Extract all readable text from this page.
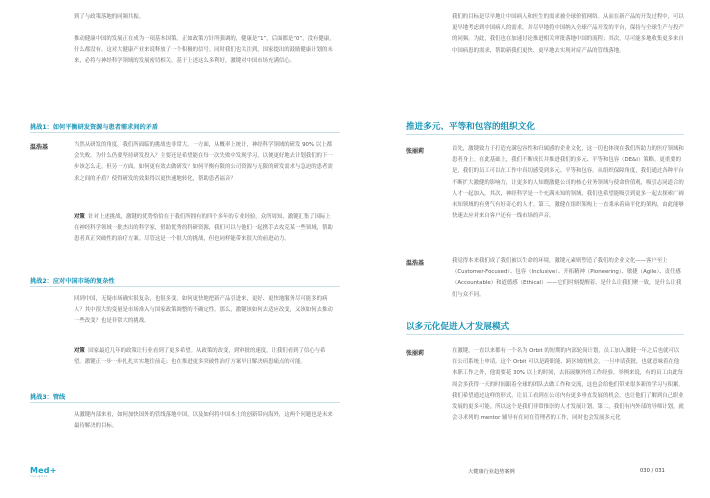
到了与政策落地的同频共振。
推动健康中国的发展正在成为一项基本国策。正如政策方针所强调的，健康是“1”，后面都是“0”，没有健康，什么都没有。这对大健康产业来说释放了一个积极的信号。同时我们也关注到，国家提出的鼓励健康计划的未来，必将与神经科学领域的发展密切相关。基于上述这么多利好，激键对中国市场充满信心。
挑战1：如何平衡研发资源与患者需求间的矛盾
温浩基	当然从研发的角度，我们所面临的挑战也非常大。一方面，从概率上统计，神经科学领域的研发 90% 以上都会失败。为什么仍要坚持研发投入？主要还是希望能在每一次失败中发现学习，以便更好地去计划我们的下一步该怎么走。但另一方面，如何更有效去做研发？如何平衡有限的公司资源与无限的研发需求与急迫的患者需求之间的矛盾？使得研发的效果得以更快速地转化，帮助患者福音？
对策 针对上述挑战，激键的优势恰恰在于我们所拥有的四个多年的专业经验。众所周知，激键汇集了国际上在神经科学领域一批杰出的科学家，借助优秀的科研资源，我们可以与他们一起携手去攻克某一些领域，帮助患者真正突破性的治疗方案。尽管这是一个很大的挑战，但也同样能带来很大的前进动力。
挑战2：应对中国市场的复杂性
回到中国，无疑市场确实很复杂，也很多变。如何更快地把新产品引进来，更好、更快地服务尽可能多的病人？其中很大的变量是市场准入与国家政策调整的不确定性。那么，激键该如何去适应改变，又该如何去推动一些改变？也是非常大的挑战。
对策 国家最近几年的政策让行业看到了更多希望。从政策的改变，到审批的速度，让我们看到了信心与希望。激键正一步一步扎扎实实地往前走；也在推进更多突破性治疗方案早日解决病患痛点的可能。
挑战3：管线
从激键内部来看，如何加快国外的管线落地中国，以及如何将中国本土的创新带向海外，这两个问题也是未来最待解决的目标。
我们的目标是尽早地让中国病人和医生的需求被全球价值网络。从而在新产品的开发过程中，可以更早地考虑到中国病人的需求，并尽早地将中国纳入全球产品开发的平台，保持与全球生产与投产的同频。为此，我们也在加速讨论推进相关审批落地中国的流程；其次，尽可能多地收集更多来自中国病患的需求，帮助新我们更快、更早地去实现对症产品的管线落地。
推进多元、平等和包容的组织文化
张丽莉	首先，激键致力于打造充满包容性和归属感的企业文化，这一切也体现在我们所助力的医疗领域和患者身上。在此基础上，我们不断成长并推进我们的多元、平等和包容（DE&I）策略。更重要的是，我们的员工可以在工作中真切感受到多元、平等和包容。从组织保障角度，我们通过各种平台不断扩大激健的影响力，让更多的人知晓激健公司的核心业务领域与使命价值观，吸引志同道合的人才一起加入。其次，神经科学是一个充满未知的领域，我们也希望能吸引到更多一起去探索广阔未知领域的有勇气有好奇心的人才。第三，激健在组织架构上一直秉承着扁平化的架构，由此能够快速去应对来自客户还有一线市场的声音。
温浩基	我觉得本来我们成了我们被以生命的环境，激键元素则塑造了我们的企业文化——客户至上（Customer-Focused）、包容（Inclusive）、开拓精神（Pioneering）、敏捷（Agile）、责任感（Accountable）和道德感（Ethical）——它们时刻提醒着、是什么让我们聚一致，是什么让我们与众不同。
以多元化促进人才发展模式
张丽莉	在激键，一直以来都有一个名为 Orbit 的短期的内部轮岗计划，员工加入激健一年之后也就可以在公司系统上申请。这个 Orbit 可以是跨职能、跨区域的机会，一旦申请获批，也就意味着在他本职工作之外，他需要花 30% 以上的时间，去拓展额外的工作经验。举例来说，有的员工由此每周会多获得一天的时间跟着全球的团队去做工作和交流，这也会给他们带来很多新的学习与积累。我们希望通过这样的形式，让员工看到在公司内有更多垂直发展的机会，也让他们了解到自己职业发展的更多可能。所以这个是我们非常推崇的人才发展计划。第二，我们有内外部的导师计划，就会寻求列的 mentor 辅导有在同在管理者的工作，同时也会发展多元化
Med+
insights
大健康行业趋势案例	030 / 031
